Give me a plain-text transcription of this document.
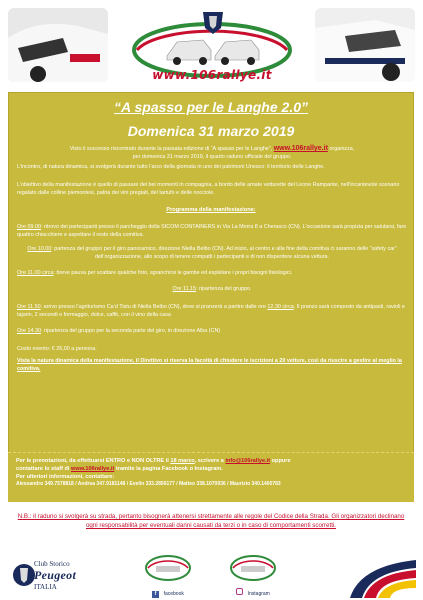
www.106rallye.it
“A spasso per le Langhe 2.0”
Domenica 31 marzo 2019
Visto il successo riscontrato durante la passata edizione di “A spasso per le Langhe”, www.106rallye.it organizza,
per domenica 31 marzo 2019, il quarto raduno ufficiale del gruppo.
L’incontro, di natura dinamica, si svolgerà durante tutto l’arco della giornata in uno dei patrimoni Unesco: il territorio delle Langhe.
L’obiettivo della manifestazione è quello di passare dei bei momenti in compagnia, a bordo delle amate vetturette del Leone Rampante, nell’incantevole scenario regalato dalle colline piemontesi, patria dei vini pregiati, del tartufo e delle nocciole.
Programma della manifestazione:
Ore 09.00: ritrovo dei partecipanti presso il parcheggio della SICOM CONTAINERS in Via La Morra 8 a Cherasco (CN). L’occasione sarà propizia per salutarsi, fare quattro chiacchiere e aspettare il resto della comitiva.
Ore 10.00: partenza del gruppo per il giro panoramico, direzione Niella Belbo (CN). Ad inizio, al centro e alla fine della comitiva ci saranno delle “safety car” dell’organizzazione, allo scopo di tenere compatti i partecipanti e di non disperdere alcuna vettura.
Ore 11.00 circa: breve pausa per scattare qualche foto, sgranchirsi le gambe ed espletare i propri bisogni fisiologici.
Ore 11.15: ripartenza del gruppo.
Ore 11.50: arrivo presso l’agriturismo Ca’d Tistu di Niella Belbo (CN), dove si pranzerà a partire dalle ore 12.30 circa. Il pranzo sarà composto da antipasti, ravioli e tajarin, 2 secondi e formaggio, dolce, caffè, con il vino della casa
Ore 14.30: ripartenza del gruppo per la seconda parte del giro, in direzione Alba (CN)
Costo evento: € 26,00 a persona.
Vista la natura dinamica della manifestazione, il Direttivo si riserva la facoltà di chiudere le iscrizioni a 20 vetture, così da riuscire a gestire al meglio la comitiva.
Per le prenotazioni, da effettuarsi ENTRO e NON OLTRE il 18 marzo, scrivere a info@106rallye.it oppure
contattare lo staff di www.106rallye.it tramite la pagina Facebook o Instagram.
Per ulteriori informazioni, contattare:
Alessandro 349.7578818 / Andrea 347.9181148 / Evelin 333.2856177 / Matteo 338.1070936 / Maurizio 340.1400783
N.B.: il raduno si svolgerà su strada, pertanto bisognerà attenersi strettamente alle regole del Codice della Strada. Gli organizzatori declinano ogni responsabilità per eventuali danni causati da terzi o in caso di comportamenti scorretti.
Club Storico
Peugeot
ITALIA
f facebook	Instagram
